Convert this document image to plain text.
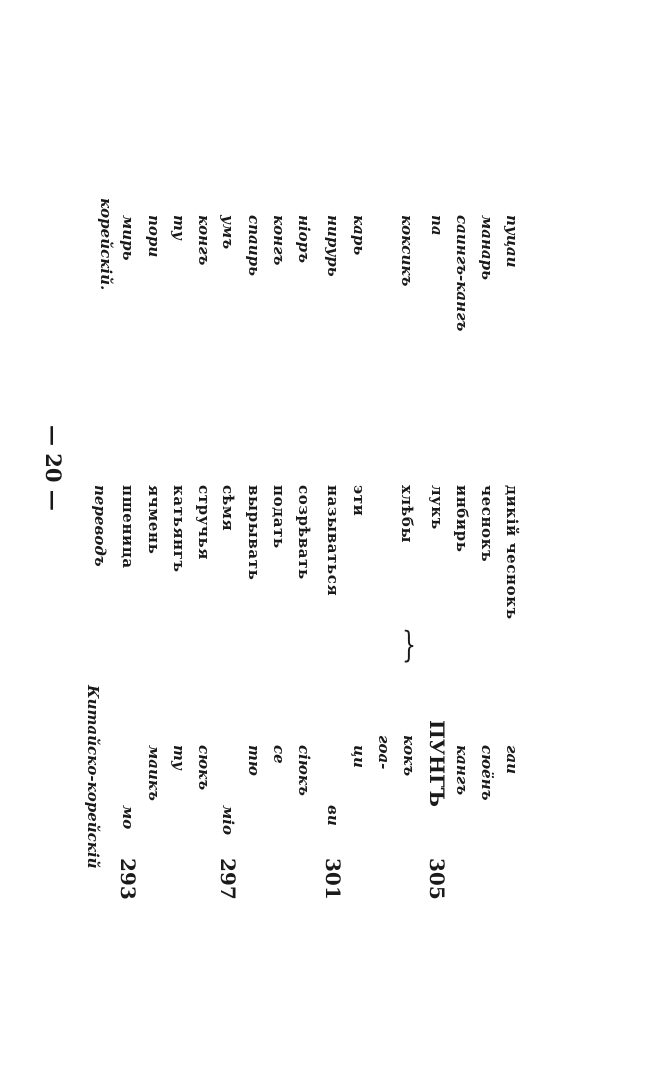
— 20 —
Китайско-корейскій
переводъ
корейскій.
293
мо
пшеница
мирь
маикъ
ячмень
пори
ту
катьянгъ
ту
сюкъ
стручья
конгъ
297
міо
сѣмя
умъ
тю
вырывать
спаирь
се
подать
конгъ
сіюкъ
созрѣвать
ніоръ
301
ви
называться
нирурь
ци
эти
карь
гоа-
хлѣбы
коксикъ
кокъ
305
ПУНГЪ
лукъ
па
кангъ
инбирь
саингъ-кангъ
сюёнъ
чеснокъ
манарь
гаи
дикій чеснокъ
пуцаи
}
